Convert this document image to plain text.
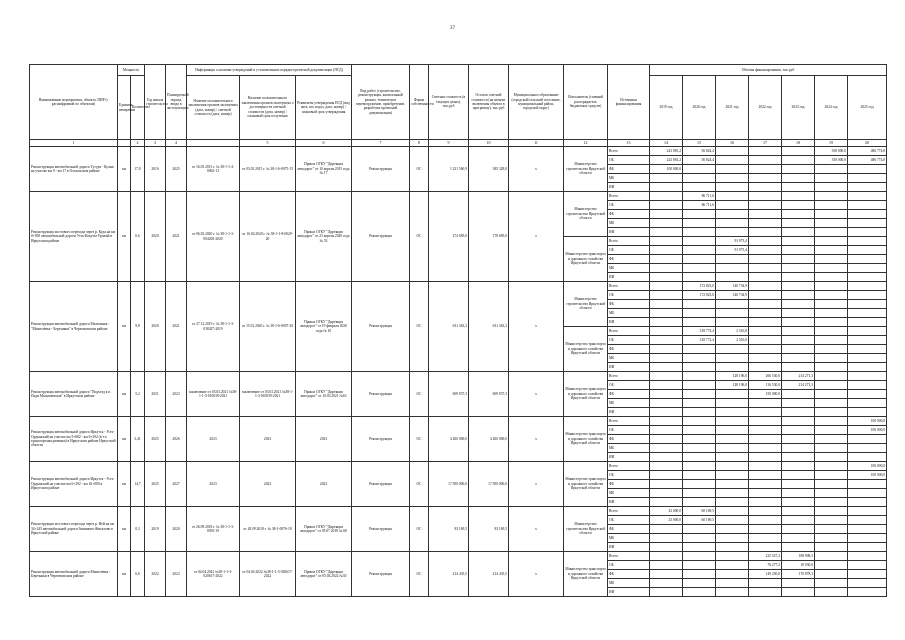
37
Наименование мероприятия, объекта, ПИР (с расшифровкой по объектам)	Мощность		Год начала строительства	Планируемый период ввода в эксплуатацию	Информация о наличии утверждений и установленном порядке проектной документации (ПСД)			Вид работ (строительство, реконструкция, капитальный ремонт, техническое перевооружение, приобретение, разработка проектной документации)	Форма собственности	Сметная стоимость (в текущих ценах), тыс.руб	Остаток сметной стоимости (на момент включения объекта в программу), тыс.руб	Муниципальное образование (городской/сельский поселение, муниципальный район, городской округ)	Исполнитель (главный распорядитель бюджетных средств)	Источники финансирования	Объемы финансирования, тыс.руб						
	Единица измерения	Количество			Наличие положительного заключения органов экспертизы (дата, номер) / сметной стоимости (дата, номер)	Наличие положительного заключения органов экспертизы о достоверности сметной стоимости (дата, номер) / плановый срок получения	Реквизиты утверждения ПСД (вид акта, кто издал, дата, номер) / плановый срок утверждения								2019 год	2020 год	2021 год	2022 год	2023 год	2024 год	2025 год
1		2	3	4		5	6	7	8	9	10	11	12	13	14	15	16	17	18	19	20
Реконструкция автомобильной дороги Тутура - Кулык на участке км 0 - км 17 в Ольхонском районе	км	17,0	2016	2025	от 16.05.2013 г. № 38-1-1-4-0062-13	от 03.03.2015 г. № 38-1-6-0075-15	Приказ ОГКУ "Дирекция автодорог" от 10 апреля 2015 года № 17	Реконструкция	ОС	1 231 560,9	385 328,0	х	Министерство строительства Иркутской области	Всего	223 081,2	56 824,4				350 000,0	486 774,8
														ОБ	223 081,2	56 824,4				350 000,0	486 774,8
														ФБ	100 000,0						
														МБ							
														ИИ							
Реконструкция мостового перехода через р. Куда на км 0+850 автомобильной дороги Усть-Кокуты-Урожай в Иркутском районе	км	0,6	2020	2021	от 06.03.2020 г. № 38-1-1-3-004263-2020	от 16.04.2020 г. № 38-1-1-8-0029-20	Приказ ОГКУ "Дирекция автодорог" от 23 апреля 2020 года № 53	Реконструкция	ОС	274 685,0	178 685,0	х	Министерство строительства Иркутской области	Всего		86 711,6					
														ОБ		86 711,6					
														ФБ							
														МБ							
														ИИ							
													Министерство транспорта и дорожного хозяйства Иркутской области	Всего			91 973,4				
														ОБ			91 973,4				
														ФБ							
														МБ							
														ИИ							
Реконструкция автомобильной дороги Мальтинка - "Мишелёвка - Березняки" в Черемховском районе	км	9,8	2020	2021	от 27.12.2019 г. № 38-1-1-3-038427-2019	от 15.01.2020 г. № 38-1-6-0007-20	Приказ ОГКУ "Дирекция автодорог" от 19 февраля 2020 года № 10	Реконструкция	ОС	631 363,3	631 363,3	х	Министерство строительства Иркутской области	Всего		172 823,0	140 734,9				
														ОБ		172 823,0	140 734,9				
														ФБ							
														МБ							
														ИИ							
													Министерство транспорта и дорожного хозяйства Иркутской области	Всего		318 772,4	2 516,8				
														ОБ		318 772,4	2 516,8				
														ФБ							
														МБ							
														ИИ							
Реконструкция автомобильной дороги "Подъезд к п. Пади Малышевская" в Иркутском районе	км	5,2	2021	2023	заключение от 03.03.2021 №38-1-1-3-010039-2021	заключение от 03.03.2021 №38-1-1-3-010039-2021	Приказ ОГКУ "Дирекция автодорог" от 10.03.2021 №63	Реконструкция	ОС	609 937,3	609 937,3	х	Министерство транспорта и дорожного хозяйства Иркутской области	Всего			128 196,0	266 530,0	214 271,3		
														ОБ			128 196,0	116 530,0	214 271,3		
														ФБ				150 000,0			
														МБ							
														ИИ							
Реконструкция автомобильной дороги Иркутск - Усть-Ордынский на участке км 5+682 - км 6+292 (в т.ч. транспортная развязка) в Иркутском районе Иркутской области	км	3,41	2025	2026	2023	2023	2023	Реконструкция	ОС	4 200 000,0	4 200 000,0	х	Министерство транспорта и дорожного хозяйства Иркутской области	Всего							100 000,0
														ОБ							100 000,0
														ФБ							
														МБ							
														ИИ							
Реконструкция автомобильной дороги Иркутск - Усть-Ордынский на участке км 6+292 - км 16+000 в Иркутском районе	км	14,7	2025	2027	2023	2023	2023	Реконструкция	ОС	17 500 000,0	17 500 000,0	х	Министерство транспорта и дорожного хозяйства Иркутской области	Всего							100 000,0
														ОБ							100 000,0
														ФБ							
														МБ							
														ИИ							
Реконструкция мостового перехода через р. Ией на км 34+245 автомобильной дороги Зиминово-Жигалово в Иркутской районе	км	0,3	2019	2020	от 26.09.2018 г. № 38-1-1-3-0055-19	от 28.09.2018 г. № 38-1-0076-18	Приказ ОГКУ "Дирекция автодорог" от 05.07.2018 № 68	Реконструкция	ОС	83 169,5	83 169,5	х	Министерство строительства Иркутской области	Всего	23 000,0	60 169,5					
														ОБ	23 000,0	60 169,5					
														ФБ							
														МБ							
														ИИ							
Реконструкция автомобильной дороги Мишелёвка - Березняки в Черемховском районе	км	6,6	2022	2023	от 04.04.2022 №38-1-1-3-020617-2022	от 04.04.2022 №38-1-1-3-020617-2022	Приказ ОГКУ "Дирекция автодорог" от 05.04.2022 №30	Реконструкция	ОС	414 435,5	414 435,5	х	Министерство транспорта и дорожного хозяйства Иркутской области	Всего				225 527,2	188 908,3		
														ОБ				76 277,2	18 030,0		
														ФБ				149 250,0	170 878,3		
														МБ							
														ИИ							
